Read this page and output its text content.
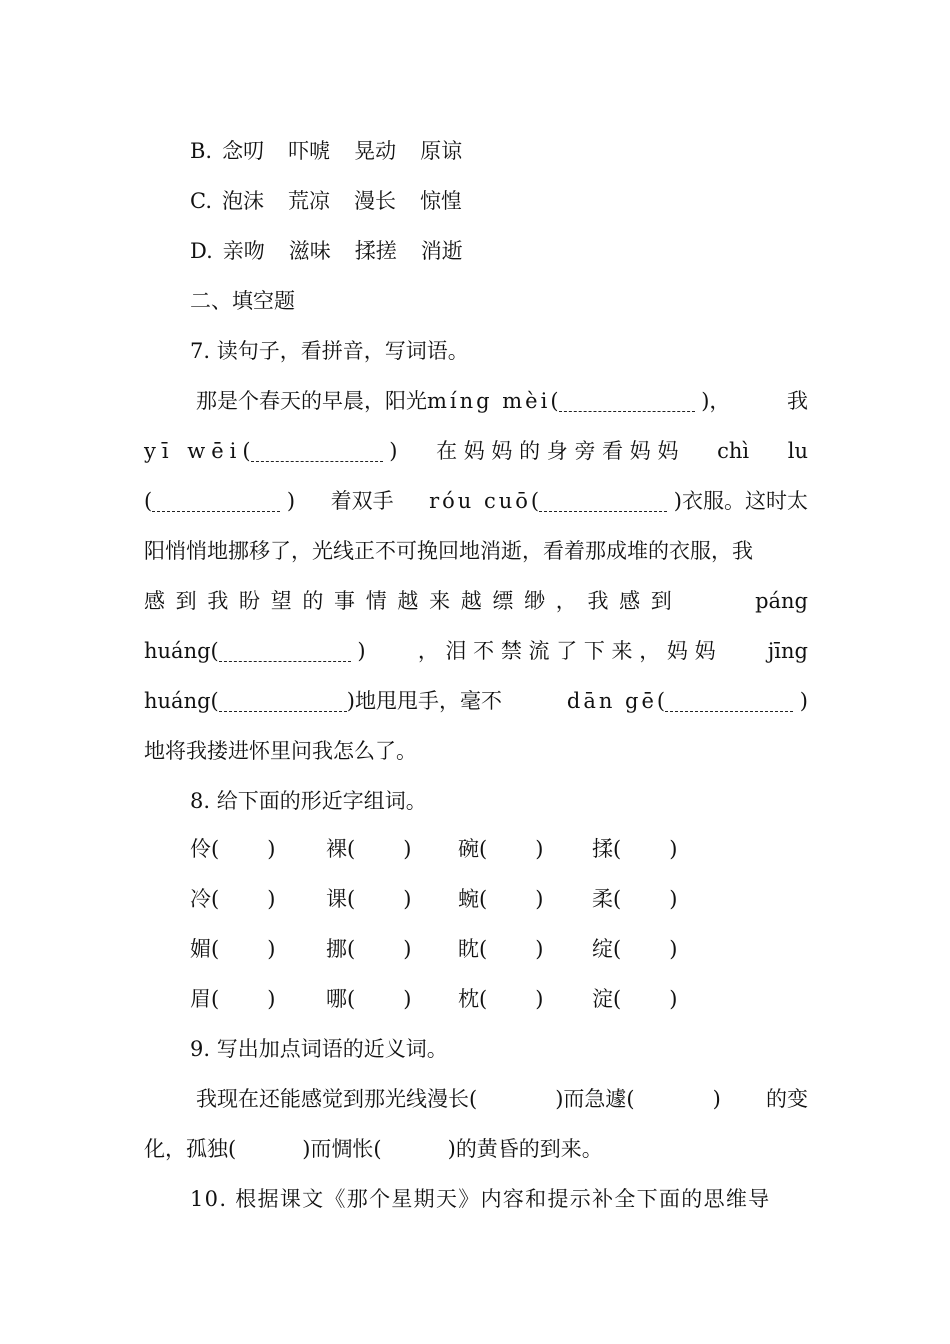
B. 念叨 吓唬 晃动 原谅
C. 泡沫 荒凉 漫长 惊惶
D. 亲吻 滋味 揉搓 消逝
二、填空题
7. 读句子，看拼音，写词语。
那是个春天的早晨，阳光míng mèi(	)，	我
yī wēi(	) 在 妈 妈 的 身 旁 看 妈 妈 chì lu
(	) 着双手 róu cuō(	)衣服。这时太
阳悄悄地挪移了，光线正不可挽回地消逝，看着那成堆的衣服，我
感 到 我 盼 望 的 事 情 越 来 越 缥 缈 ， 我 感 到	páng
huáng(	) ， 泪 不 禁 流 了 下 来 ， 妈 妈 jīng
huáng(	)地甩甩手，毫不	dān gē(	)
地将我搂进怀里问我怎么了。
8. 给下面的形近字组词。
伶( ) 裸( ) 碗( ) 揉( )
冷( ) 课( ) 蜿( ) 柔( )
媚( ) 挪( ) 眈( ) 绽( )
眉( ) 哪( ) 枕( ) 淀( )
9. 写出加点词语的近义词。
我现在还能感觉到那光线漫长(	)而急遽(	) 的变
化，孤独(	)而惆怅(	)的黄昏的到来。
10. 根据课文《那个星期天》内容和提示补全下面的思维导
